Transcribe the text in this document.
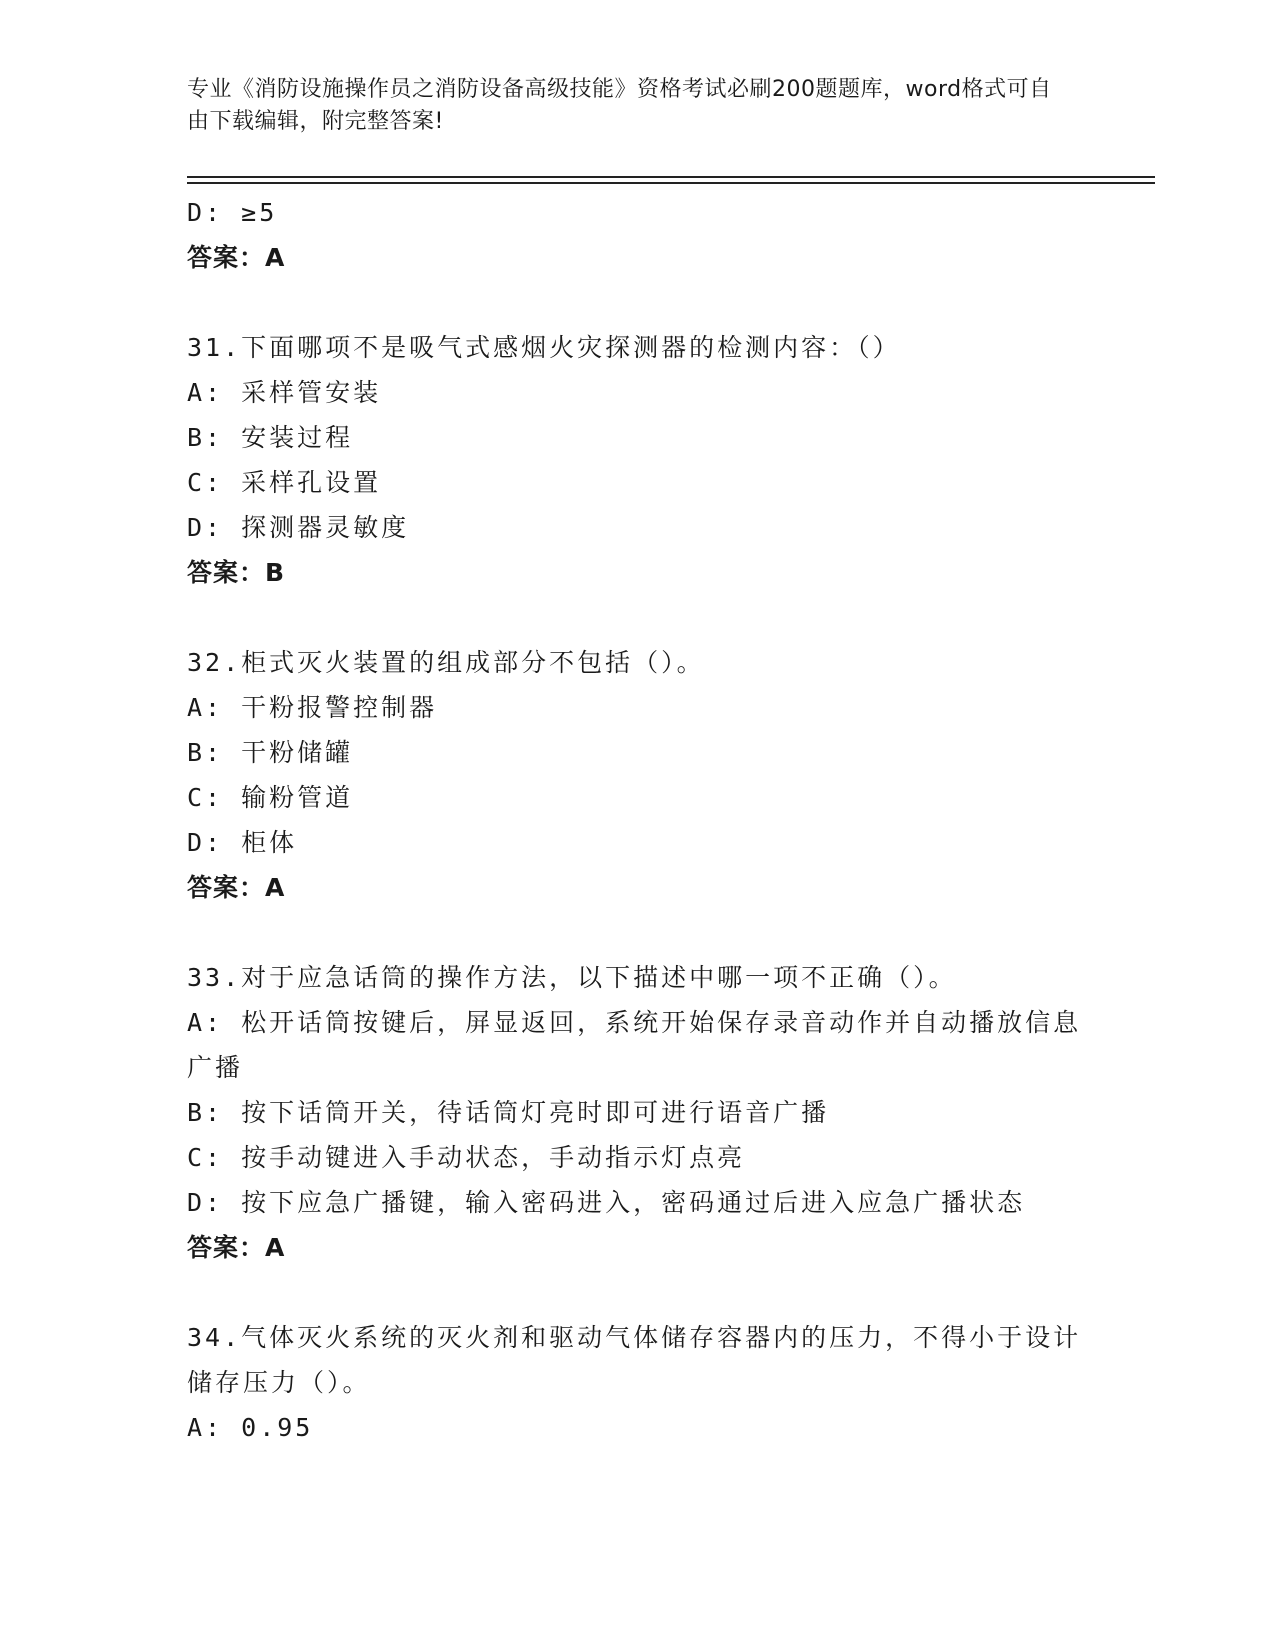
专业《消防设施操作员之消防设备高级技能》资格考试必刷200题题库，word格式可自由下载编辑，附完整答案!
D: ≥5
答案：A
31.下面哪项不是吸气式感烟火灾探测器的检测内容：（）
A: 采样管安装
B: 安装过程
C: 采样孔设置
D: 探测器灵敏度
答案：B
32.柜式灭火装置的组成部分不包括（）。
A: 干粉报警控制器
B: 干粉储罐
C: 输粉管道
D: 柜体
答案：A
33.对于应急话筒的操作方法，以下描述中哪一项不正确（）。
A: 松开话筒按键后，屏显返回，系统开始保存录音动作并自动播放信息广播
B: 按下话筒开关，待话筒灯亮时即可进行语音广播
C: 按手动键进入手动状态，手动指示灯点亮
D: 按下应急广播键，输入密码进入，密码通过后进入应急广播状态
答案：A
34.气体灭火系统的灭火剂和驱动气体储存容器内的压力，不得小于设计储存压力（）。
A: 0.95
